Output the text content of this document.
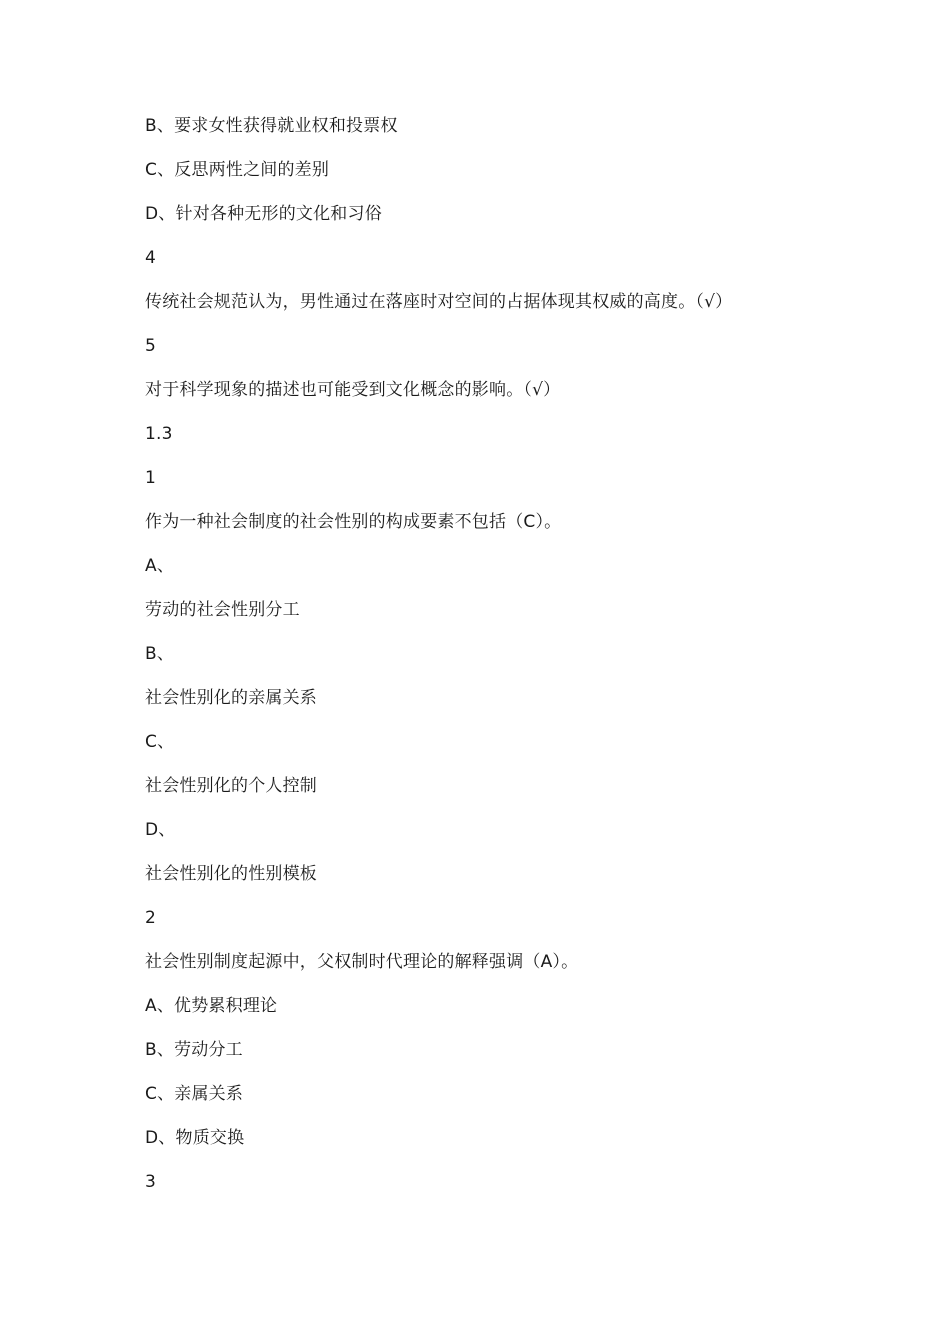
B、要求女性获得就业权和投票权
C、反思两性之间的差别
D、针对各种无形的文化和习俗
4
传统社会规范认为，男性通过在落座时对空间的占据体现其权威的高度。（√）
5
对于科学现象的描述也可能受到文化概念的影响。（√）
1.3
1
作为一种社会制度的社会性别的构成要素不包括（C）。
A、
劳动的社会性别分工
B、
社会性别化的亲属关系
C、
社会性别化的个人控制
D、
社会性别化的性别模板
2
社会性别制度起源中，父权制时代理论的解释强调（A）。
A、优势累积理论
B、劳动分工
C、亲属关系
D、物质交换
3
